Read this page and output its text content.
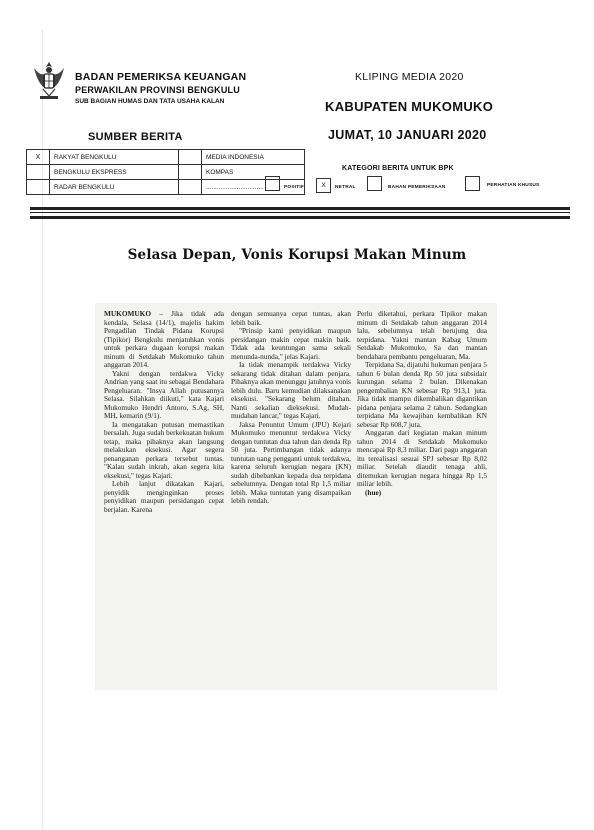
BADAN PEMERIKSA KEUANGAN
PERWAKILAN PROVINSI BENGKULU
SUB BAGIAN HUMAS DAN TATA USAHA KALAN
KLIPING MEDIA 2020
KABUPATEN MUKOMUKO
JUMAT, 10 JANUARI 2020
SUMBER BERITA
X	RAKYAT BENGKULU		MEDIA INDONESIA
	BENGKULU EKSPRESS		KOMPAS
	RADAR BENGKULU		................................
KATEGORI BERITA UNTUK BPK
POSITIF	X	NETRAL	BAHAN PEMERIKSAAN	PERHATIAN KHUSUS
Selasa Depan, Vonis Korupsi Makan Minum

MUKOMUKO – Jika tidak ada kendala, Selasa (14/1), majelis hakim Pengadilan Tindak Pidana Korupsi (Tipikor) Bengkulu menjatuhkan vonis untuk perkara dugaan korupsi makan minum di Setdakab Mukomuko tahun anggaran 2014.

Yakni dengan terdakwa Vicky Andrian yang saat itu sebagai Bendahara Pengeluaran. "Insya Allah putusannya Selasa. Silahkan diikuti," kata Kajari Mukomuko Hendri Antoro, S.Ag, SH, MH, kemarin (9/1).

Ia mengatakan putusan memastikan bersalah. Juga sudah berkekuatan hukum tetap, maka pihaknya akan langsung melakukan eksekusi. Agar segera penanganan perkara tersebut tuntas. "Kalau sudah inkrah, akan segera kita eksekusi," tegas Kajari.

Lebih lanjut dikatakan Kajari, penyidik menginginkan proses penyidikan maupun persidangan cepat berjalan. Karena

dengan semuanya cepat tuntas, akan lebih baik.

"Prinsip kami penyidikan maupun persidangan makin cepat makin baik. Tidak ada keuntungan sama sekali menunda-nunda," jelas Kajari.

Ia tidak menampik terdakwa Vicky sekarang tidak ditahan dalam penjara. Pihaknya akan menunggu jatuhnya vonis lebih dulu. Baru kemudian dilaksanakan eksekusi. "Sekarang belum ditahan. Nanti sekalian dieksekusi. Mudah-mudahan lancar," tegas Kajari.

Jaksa Penuntut Umum (JPU) Kejari Mukomuko menuntut terdakwa Vicky dengan tuntutan dua tahun dan denda Rp 50 juta. Pertimbangan tidak adanya tuntutan uang pengganti untuk terdakwa, karena seluruh kerugian negara (KN) sudah dibebankan kepada dua terpidana sebelumnya. Dengan total Rp 1,5 miliar lebih. Maka tuntutan yang disampaikan lebih rendah.

Perlu diketahui, perkara Tipikor makan minum di Setdakab tahun anggaran 2014 lalu, sebelumnya telah berujung dua terpidana. Yakni mantan Kabag Umum Setdakab Mukomuko, Sa dan mantan bendahara pembantu pengeluaran, Ma.

Terpidana Sa, dijatuhi hukuman penjara 5 tahun 6 bulan denda Rp 50 juta subsidair kurungan selama 2 bulan. Dikenakan pengembalian KN sebesar Rp 913,1 juta. Jika tidak mampu dikembalikan digantikan pidana penjara selama 2 tahun. Sedangkan terpidana Ma kewajiban kembalikan KN sebesar Rp 608,7 juta.

Anggaran dari kegiatan makan minum tahun 2014 di Setdakab Mukomuko mencapai Rp 8,3 miliar. Dari pagu anggaran itu terealisasi sesuai SPJ sebesar Rp 8,02 miliar. Setelah diaudit tenaga ahli, ditemukan kerugian negara hingga Rp 1,5 miliar lebih.

(hue)
